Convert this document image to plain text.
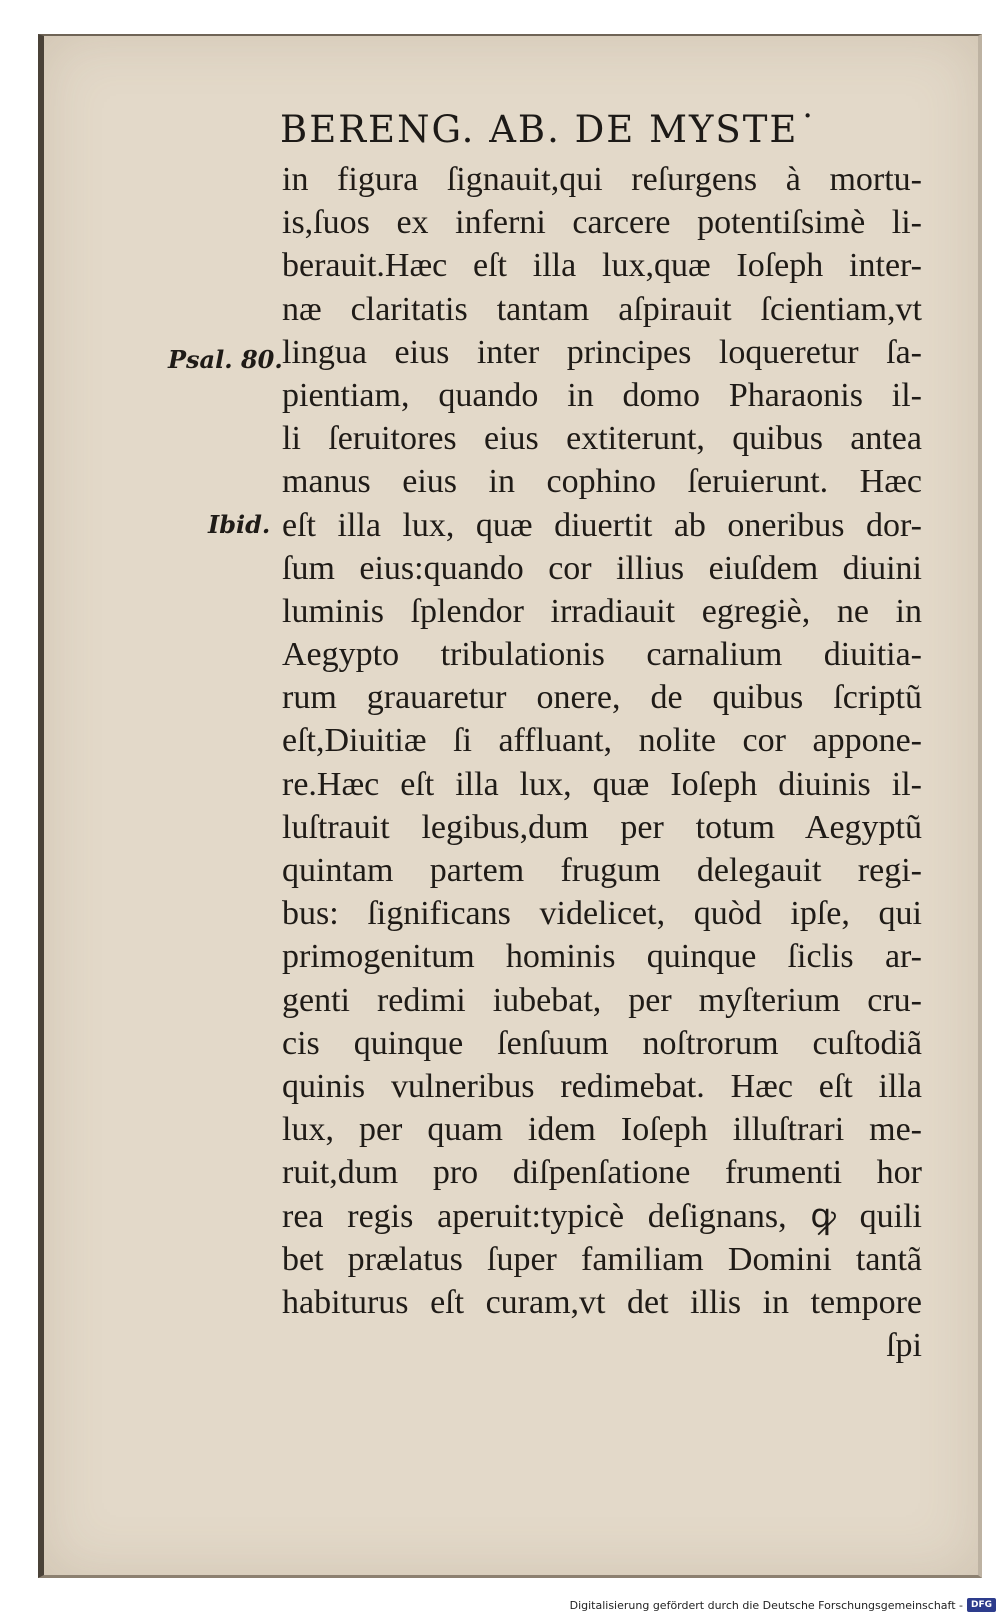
BERENG. AB. DE MYSTE˙
Psal. 80.
Ibid.
in figura ſignauit,qui reſurgens à mortu-
is,ſuos ex inferni carcere potentiſsimè li-
berauit.Hæc eſt illa lux,quæ Ioſeph inter-
næ claritatis tantam aſpirauit ſcientiam,vt
lingua eius inter principes loqueretur ſa-
pientiam, quando in domo Pharaonis il-
li ſeruitores eius extiterunt, quibus antea
manus eius in cophino ſeruierunt. Hæc
eſt illa lux, quæ diuertit ab oneribus dor-
ſum eius:quando cor illius eiuſdem diuini
luminis ſplendor irradiauit egregiè, ne in
Aegypto tribulationis carnalium diuitia-
rum grauaretur onere, de quibus ſcriptũ
eſt,Diuitiæ ſi affluant, nolite cor appone-
re.Hæc eſt illa lux, quæ Ioſeph diuinis il-
luſtrauit legibus,dum per totum Aegyptũ
quintam partem frugum delegauit regi-
bus: ſignificans videlicet, quòd ipſe, qui
primogenitum hominis quinque ſiclis ar-
genti redimi iubebat, per myſterium cru-
cis quinque ſenſuum noſtrorum cuſtodiã
quinis vulneribus redimebat. Hæc eſt illa
lux, per quam idem Ioſeph illuſtrari me-
ruit,dum pro diſpenſatione frumenti hor
rea regis aperuit:typicè deſignans, ꝙ quili
bet prælatus ſuper familiam Domini tantã
habiturus eſt curam,vt det illis in tempore
ſpi
Digitalisierung gefördert durch die Deutsche Forschungsgemeinschaft - DFG
